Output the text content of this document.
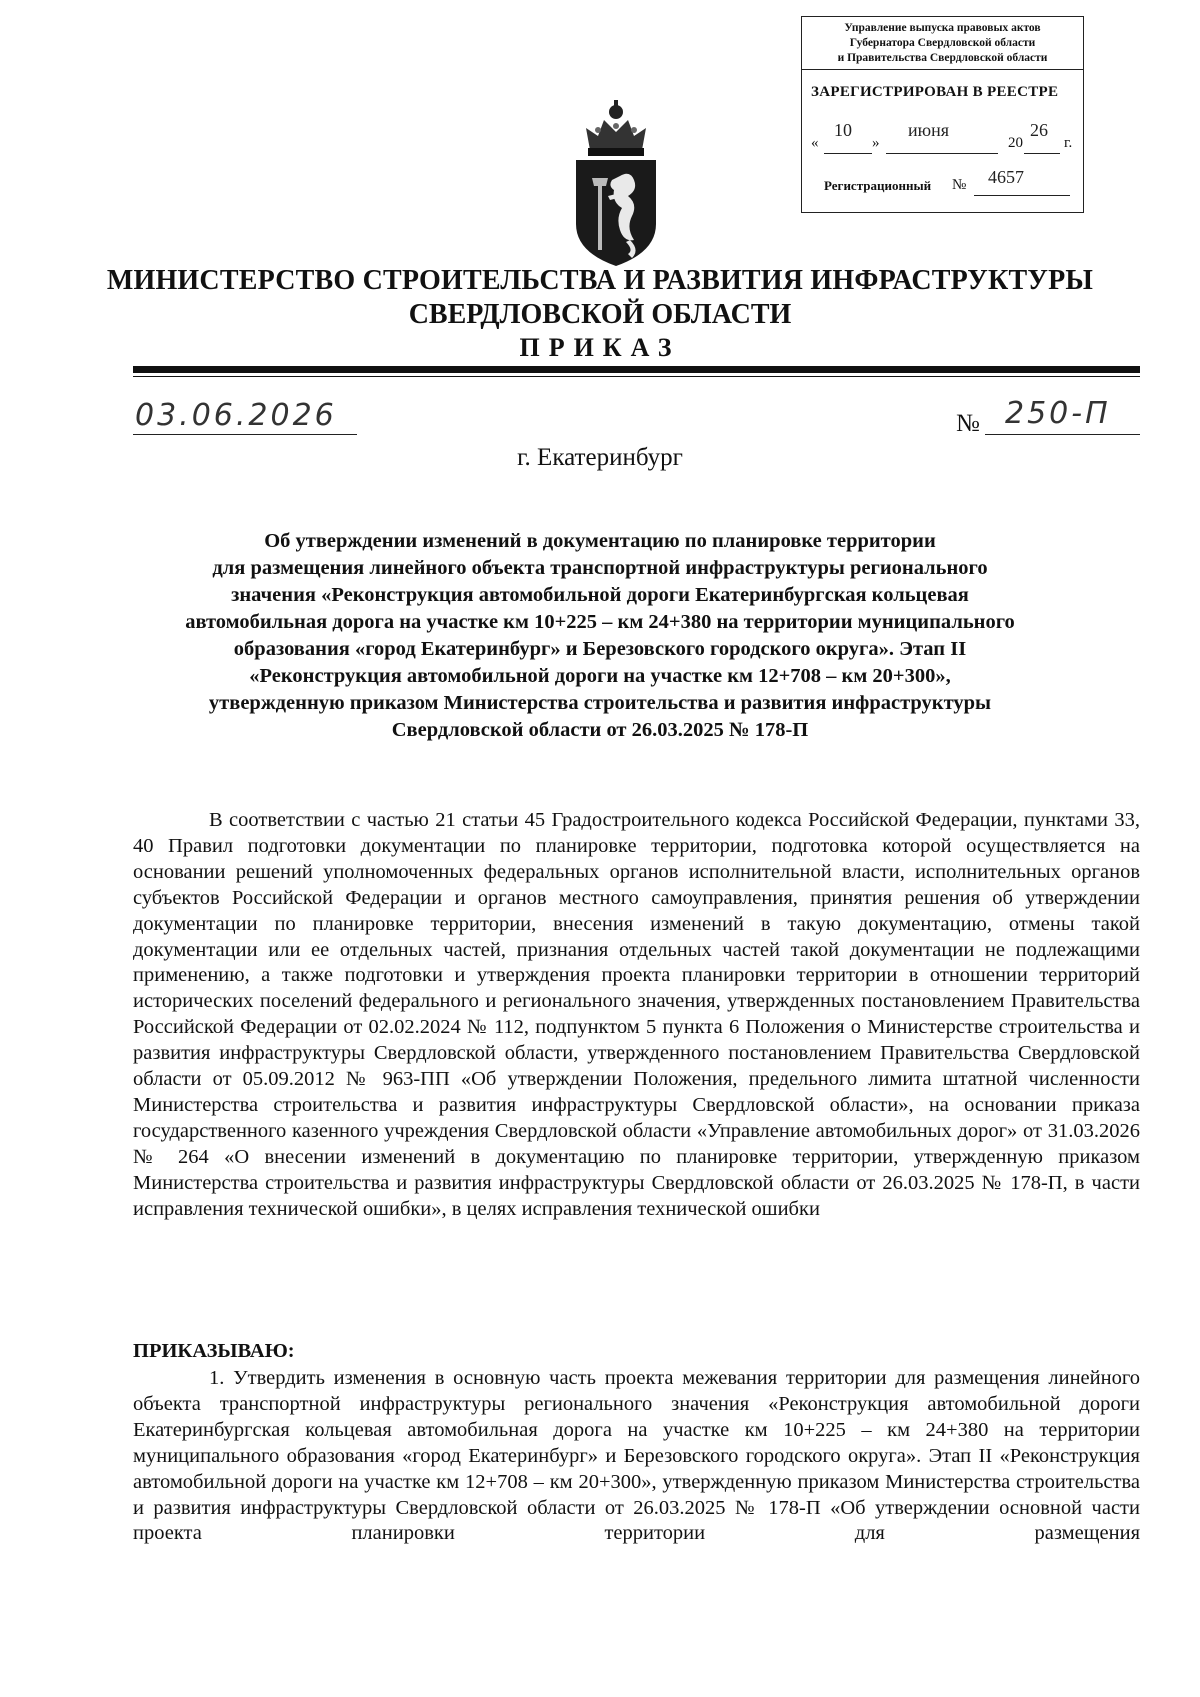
Управление выпуска правовых актов
Губернатора Свердловской области
и Правительства Свердловской области
ЗАРЕГИСТРИРОВАН В РЕЕСТРЕ
«
10
»
июня
20
26
г.
Регистрационный № 4657
МИНИСТЕРСТВО СТРОИТЕЛЬСТВА И РАЗВИТИЯ ИНФРАСТРУКТУРЫ
СВЕРДЛОВСКОЙ ОБЛАСТИ
ПРИКАЗ
03.06.2026	№ 250-П
г. Екатеринбург
Об утверждении изменений в документацию по планировке территории
для размещения линейного объекта транспортной инфраструктуры регионального
значения «Реконструкция автомобильной дороги Екатеринбургская кольцевая
автомобильная дорога на участке км 10+225 – км 24+380 на территории муниципального
образования «город Екатеринбург» и Березовского городского округа». Этап II
«Реконструкция автомобильной дороги на участке км 12+708 – км 20+300»,
утвержденную приказом Министерства строительства и развития инфраструктуры
Свердловской области от 26.03.2025 № 178-П
В соответствии с частью 21 статьи 45 Градостроительного кодекса Российской Федерации, пунктами 33, 40 Правил подготовки документации по планировке территории, подготовка которой осуществляется на основании решений уполномоченных федеральных органов исполнительной власти, исполнительных органов субъектов Российской Федерации и органов местного самоуправления, принятия решения об утверждении документации по планировке территории, внесения изменений в такую документацию, отмены такой документации или ее отдельных частей, признания отдельных частей такой документации не подлежащими применению, а также подготовки и утверждения проекта планировки территории в отношении территорий исторических поселений федерального и регионального значения, утвержденных постановлением Правительства Российской Федерации от 02.02.2024 № 112, подпунктом 5 пункта 6 Положения о Министерстве строительства и развития инфраструктуры Свердловской области, утвержденного постановлением Правительства Свердловской области от 05.09.2012 № 963-ПП «Об утверждении Положения, предельного лимита штатной численности Министерства строительства и развития инфраструктуры Свердловской области», на основании приказа государственного казенного учреждения Свердловской области «Управление автомобильных дорог» от 31.03.2026 № 264 «О внесении изменений в документацию по планировке территории, утвержденную приказом Министерства строительства и развития инфраструктуры Свердловской области от 26.03.2025 № 178-П, в части исправления технической ошибки», в целях исправления технической ошибки
ПРИКАЗЫВАЮ:
1. Утвердить изменения в основную часть проекта межевания территории для размещения линейного объекта транспортной инфраструктуры регионального значения «Реконструкция автомобильной дороги Екатеринбургская кольцевая автомобильная дорога на участке км 10+225 – км 24+380 на территории муниципального образования «город Екатеринбург» и Березовского городского округа». Этап II «Реконструкция автомобильной дороги на участке км 12+708 – км 20+300», утвержденную приказом Министерства строительства и развития инфраструктуры Свердловской области от 26.03.2025 № 178-П «Об утверждении основной части проекта планировки территории для размещения
